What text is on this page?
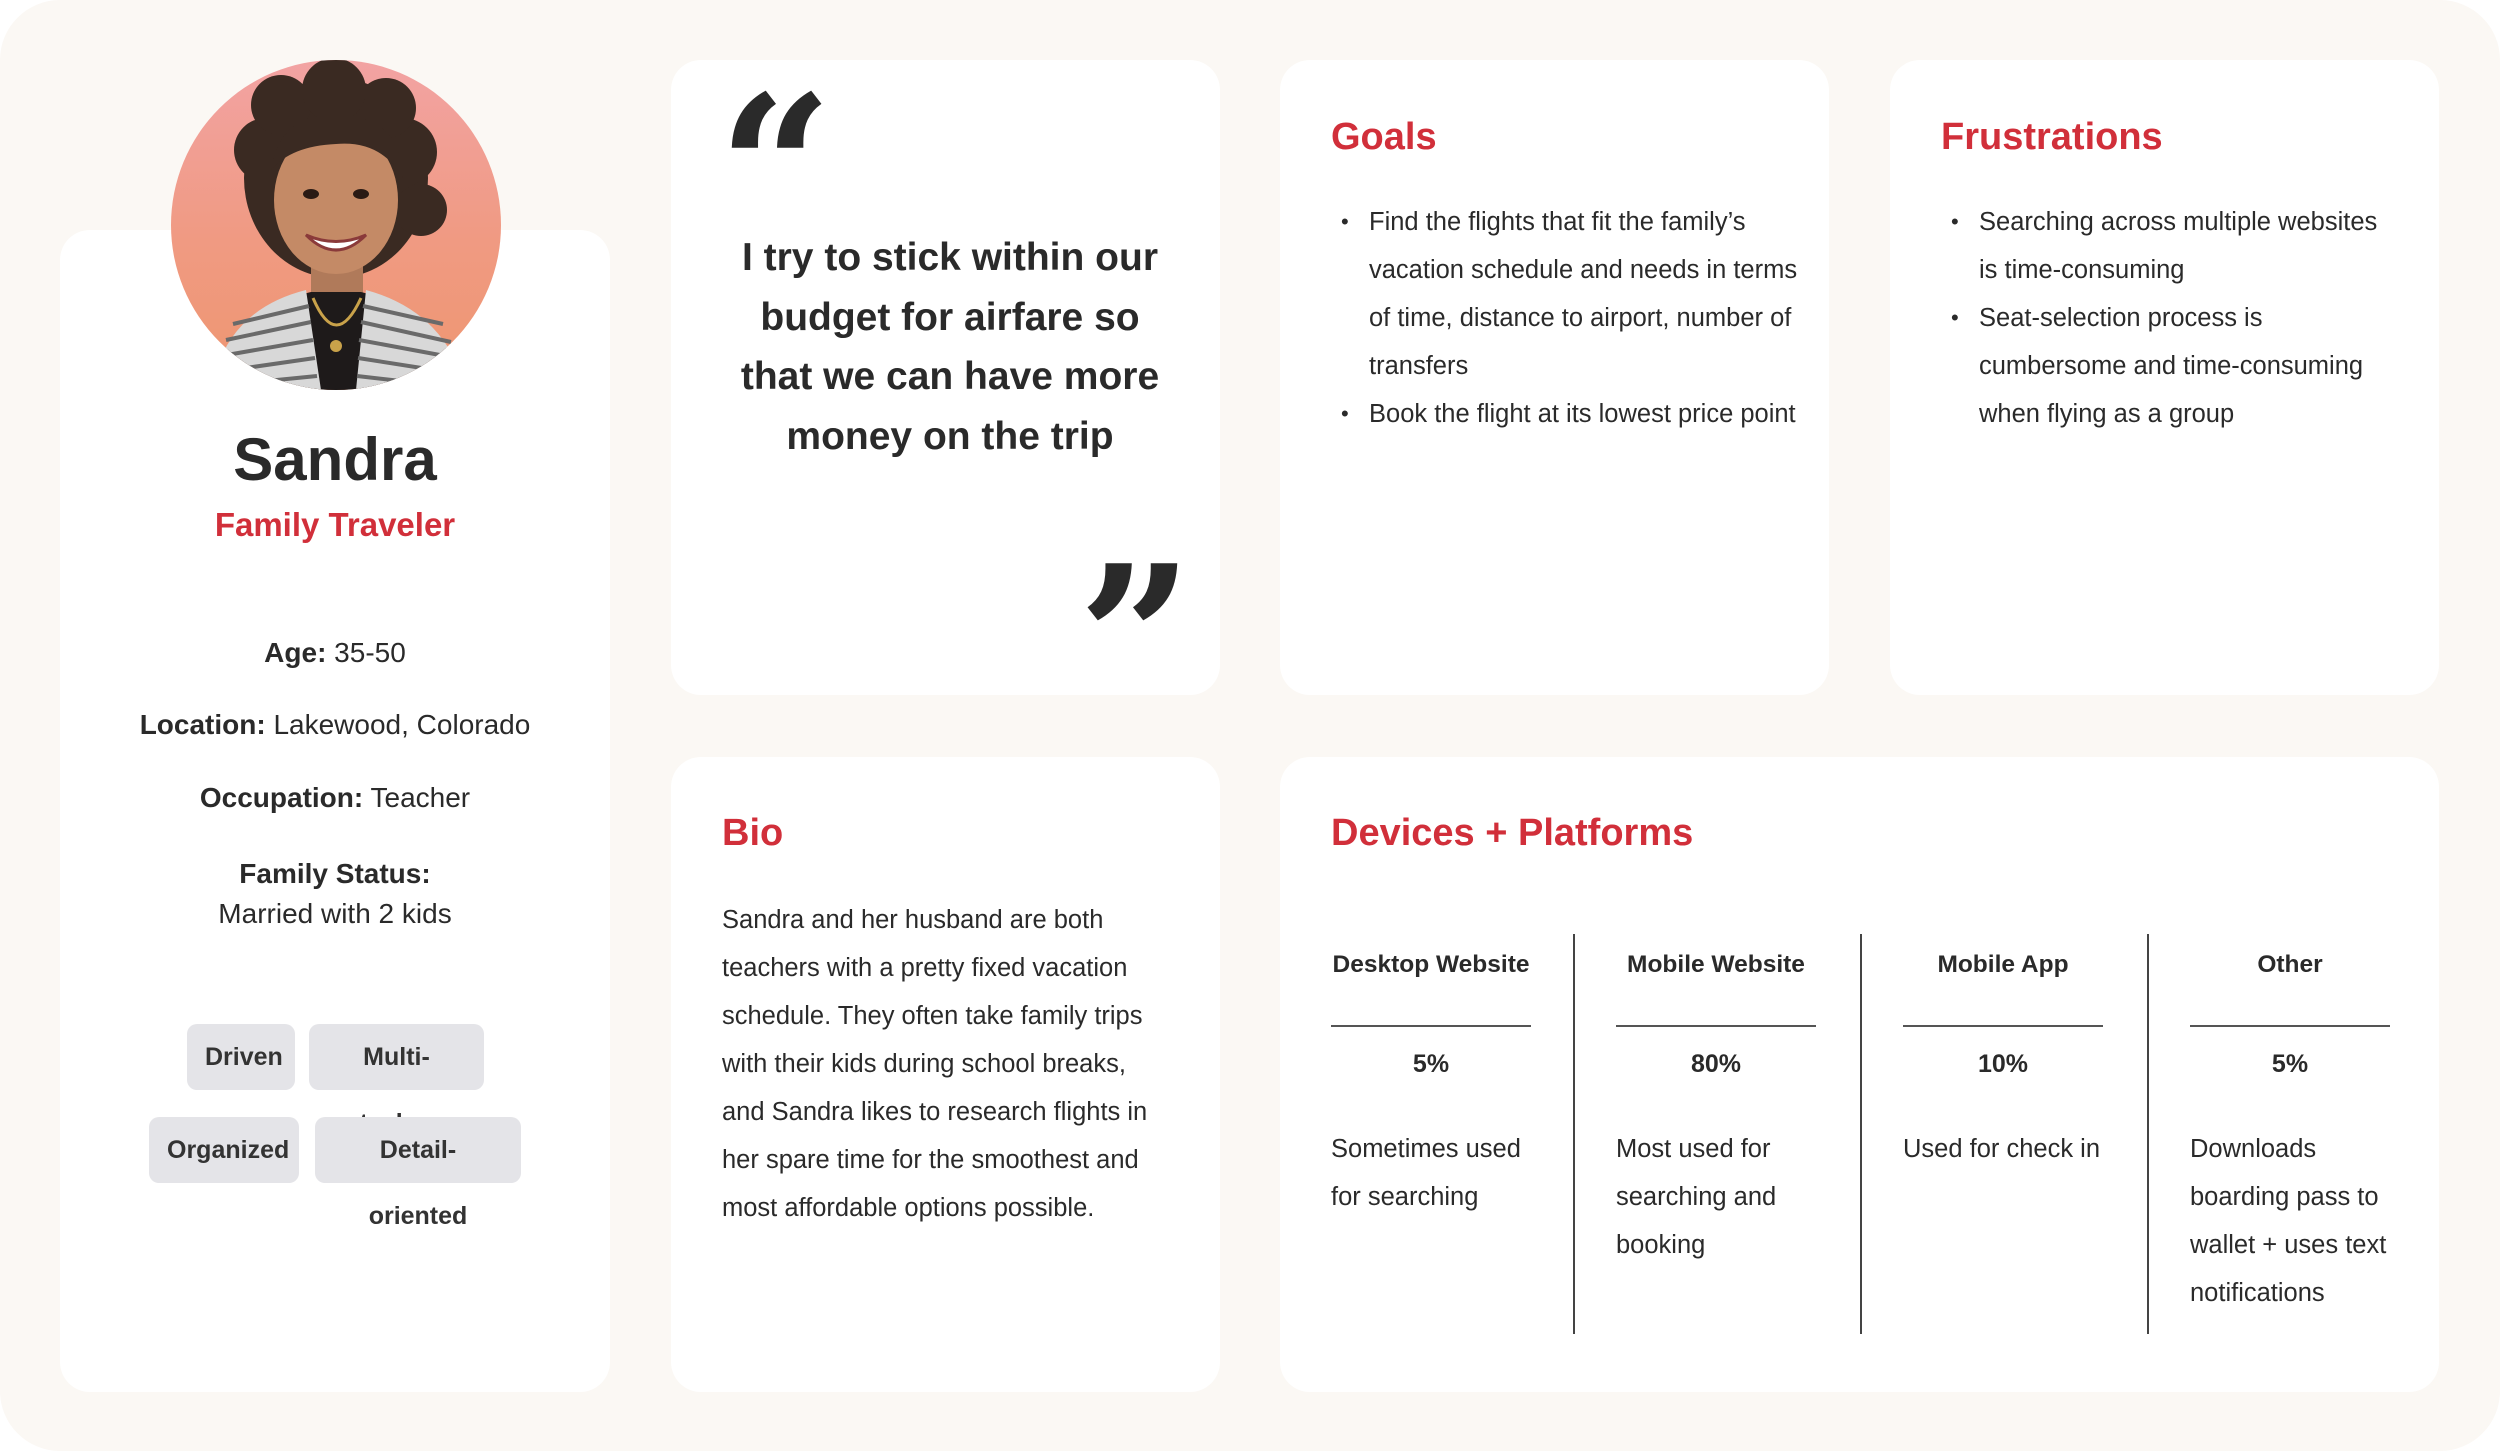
Sandra
Family Traveler
Age: 35-50
Location: Lakewood, Colorado
Occupation: Teacher
Family Status:
Married with 2 kids
Driven	Multi-
Organized	Detail-oriented
“
”
I try to stick within our budget for airfare so that we can have more money on the trip
Goals
• Find the flights that fit the family’s vacation schedule and needs in terms of time, distance to airport, number of transfers
• Book the flight at its lowest price point
Frustrations
• Searching across multiple websites is time-consuming
• Seat-selection process is cumbersome and time-consuming when flying as a group
Bio
Sandra and her husband are both teachers with a pretty fixed vacation schedule. They often take family trips with their kids during school breaks, and Sandra likes to research flights in her spare time for the smoothest and most affordable options possible.
Devices + Platforms
Desktop Website
5%
Sometimes used for searching
Mobile Website
80%
Most used for searching and booking
Mobile App
10%
Used for check in
Other
5%
Downloads boarding pass to wallet + uses text notifications
